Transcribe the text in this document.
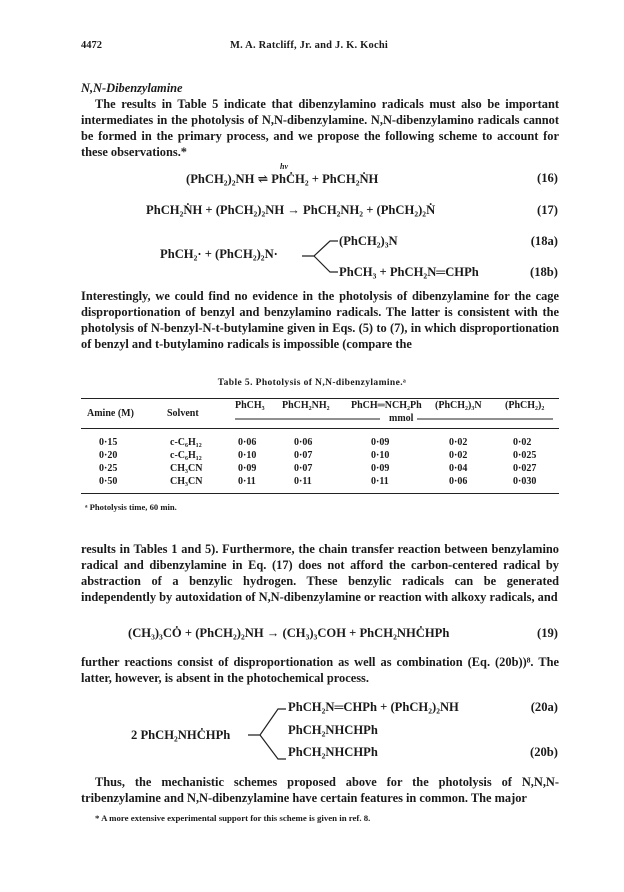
4472	M. A. Ratcliff, Jr. and J. K. Kochi
N,N-Dibenzylamine
The results in Table 5 indicate that dibenzylamino radicals must also be important intermediates in the photolysis of N,N-dibenzylamine. N,N-dibenzylamino radicals cannot be formed in the primary process, and we propose the following scheme to account for these observations.*
(PhCH₂)₂NH ⇌ PhĊH₂ + PhCH₂ṄH
hν
(16)
PhCH₂ṄH + (PhCH₂)₂NH → PhCH₂NH₂ + (PhCH₂)₂Ṅ	(17)
PhCH₂· + (PhCH₂)₂N·
(PhCH₂)₃N	(18a)
PhCH₃ + PhCH₂N═CHPh	(18b)
Interestingly, we could find no evidence in the photolysis of dibenzylamine for the cage disproportionation of benzyl and benzylamino radicals. The latter is consistent with the photolysis of N-benzyl-N-t-butylamine given in Eqs. (5) to (7), in which disproportionation of benzyl and t-butylamino radicals is impossible (compare the
Table 5. Photolysis of N,N-dibenzylamine.ᵃ
Amine (M)	Solvent
PhCH₃ PhCH₂NH₂ PhCH═NCH₂Ph (PhCH₂)₃N (PhCH₂)₂
mmol
0·15	c-C₆H₁₂	0·06	0·06	0·09	0·02	0·02
0·20	c-C₆H₁₂	0·10	0·07	0·10	0·02	0·025
0·25	CH₃CN	0·09	0·07	0·09	0·04	0·027
0·50	CH₃CN	0·11	0·11	0·11	0·06	0·030
ᵃ Photolysis time, 60 min.
results in Tables 1 and 5). Furthermore, the chain transfer reaction between benzylamino radical and dibenzylamine in Eq. (17) does not afford the carbon-centered radical by abstraction of a benzylic hydrogen. These benzylic radicals can be generated independently by autoxidation of N,N-dibenzylamine or reaction with alkoxy radicals, and
(CH₃)₃CȮ + (PhCH₂)₂NH → (CH₃)₃COH + PhCH₂NHĊHPh	(19)
further reactions consist of disproportionation as well as combination (Eq. (20b))⁸. The latter, however, is absent in the photochemical process.
2 PhCH₂NHĊHPh
PhCH₂N═CHPh + (PhCH₂)₂NH	(20a)
PhCH₂NHCHPh
PhCH₂NHCHPh	(20b)
Thus, the mechanistic schemes proposed above for the photolysis of N,N,N-tribenzylamine and N,N-dibenzylamine have certain features in common. The major
* A more extensive experimental support for this scheme is given in ref. 8.
